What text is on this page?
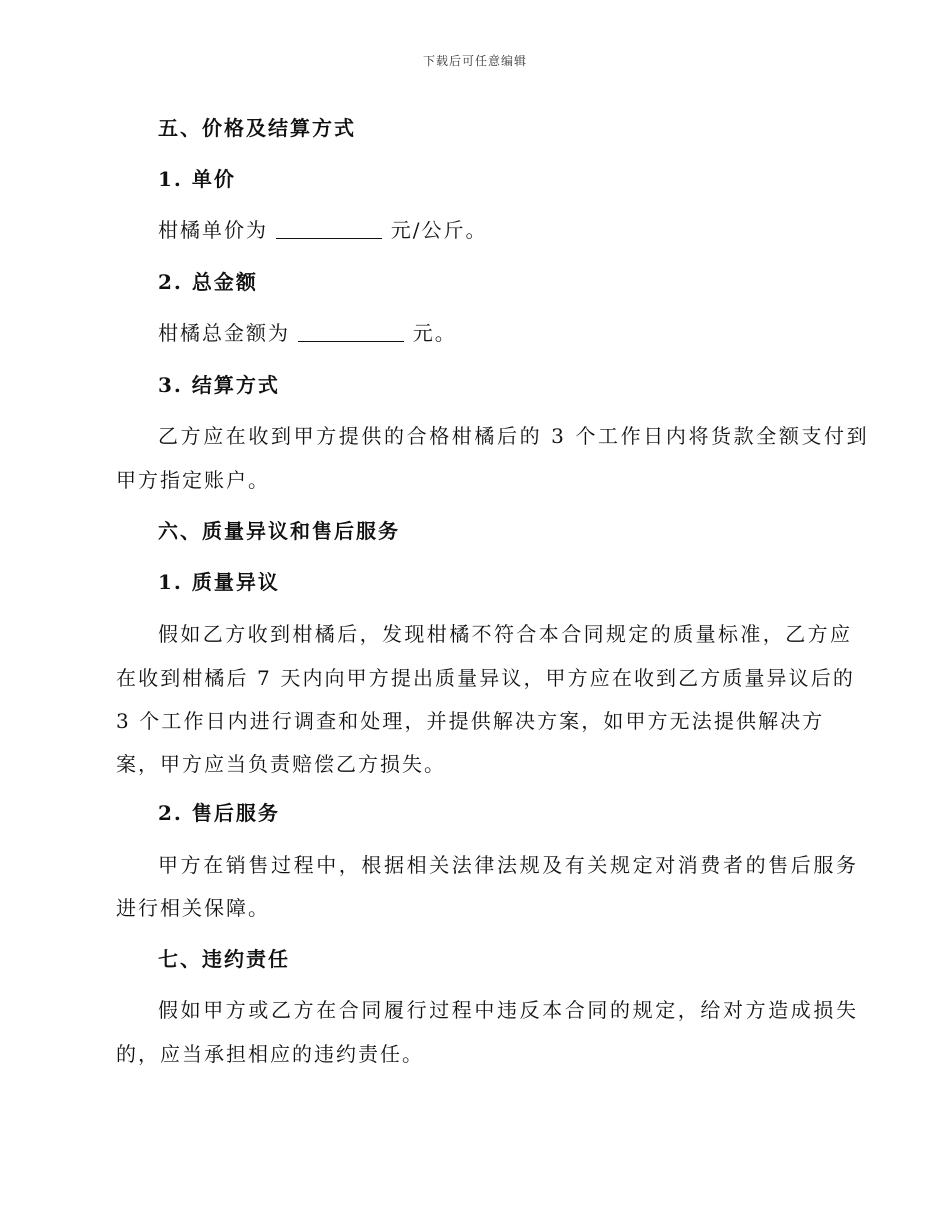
下载后可任意编辑
五、价格及结算方式
1. 单价
柑橘单价为	元/公斤。
2. 总金额
柑橘总金额为	元。
3. 结算方式
乙方应在收到甲方提供的合格柑橘后的 3 个工作日内将货款全额支付到
甲方指定账户。
六、质量异议和售后服务
1. 质量异议
假如乙方收到柑橘后，发现柑橘不符合本合同规定的质量标准，乙方应
在收到柑橘后 7 天内向甲方提出质量异议，甲方应在收到乙方质量异议后的
3 个工作日内进行调查和处理，并提供解决方案，如甲方无法提供解决方
案，甲方应当负责赔偿乙方损失。
2. 售后服务
甲方在销售过程中，根据相关法律法规及有关规定对消费者的售后服务
进行相关保障。
七、违约责任
假如甲方或乙方在合同履行过程中违反本合同的规定，给对方造成损失
的，应当承担相应的违约责任。
